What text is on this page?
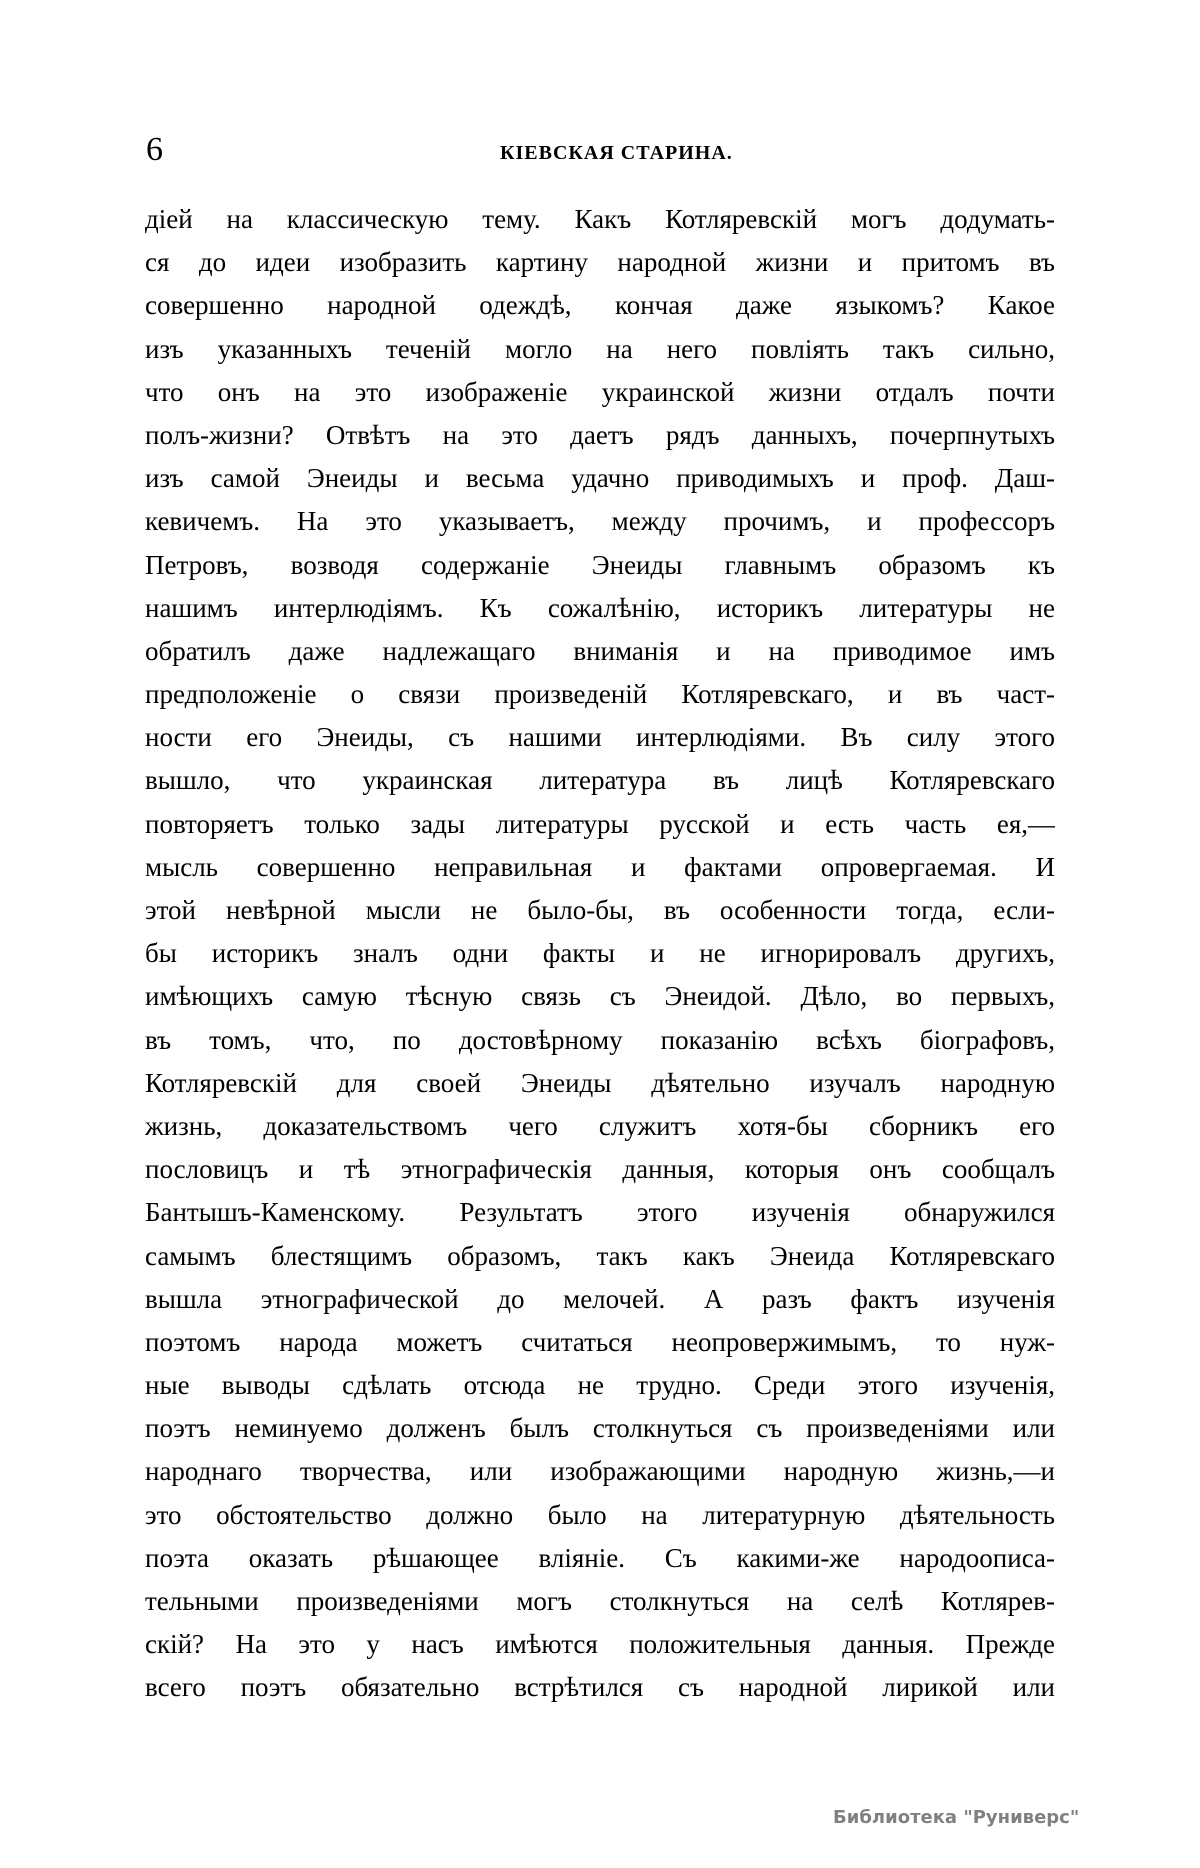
6	КІЕВСКАЯ СТАРИНА.
дiей на классическую тему. Какъ Котляревскiй могъ додумать-
ся до идеи изобразить картину народной жизни и притомъ въ
совершенно народной одеждѣ, кончая даже языкомъ? Какое
изъ указанныхъ теченiй могло на него повлiять такъ сильно,
что онъ на это изображенiе украинской жизни отдалъ почти
полъ-жизни? Отвѣтъ на это даетъ рядъ данныхъ, почерпнутыхъ
изъ самой Энеиды и весьма удачно приводимыхъ и проф. Даш-
кевичемъ. На это указываетъ, между прочимъ, и профессоръ
Петровъ, возводя содержанiе Энеиды главнымъ образомъ къ
нашимъ интерлюдiямъ. Къ сожалѣнiю, историкъ литературы не
обратилъ даже надлежащаго вниманiя и на приводимое имъ
предположенiе о связи произведенiй Котляревскаго, и въ част-
ности его Энеиды, съ нашими интерлюдiями. Въ силу этого
вышло, что украинская литература въ лицѣ Котляревскаго
повторяетъ только зады литературы русской и есть часть ея,—
мысль совершенно неправильная и фактами опровергаемая. И
этой невѣрной мысли не было-бы, въ особенности тогда, если-
бы историкъ зналъ одни факты и не игнорировалъ другихъ,
имѣющихъ самую тѣсную связь съ Энеидой. Дѣло, во первыхъ,
въ томъ, что, по достовѣрному показанiю всѣхъ бiографовъ,
Котляревскiй для своей Энеиды дѣятельно изучалъ народную
жизнь, доказательствомъ чего служитъ хотя-бы сборникъ его
пословицъ и тѣ этнографическiя данныя, которыя онъ сообщалъ
Бантышъ-Каменскому. Результатъ этого изученiя обнаружился
самымъ блестящимъ образомъ, такъ какъ Энеида Котляревскаго
вышла этнографической до мелочей. А разъ фактъ изученiя
поэтомъ народа можетъ считаться неопровержимымъ, то нуж-
ные выводы сдѣлать отсюда не трудно. Среди этого изученiя,
поэтъ неминуемо долженъ былъ столкнуться съ произведенiями или
народнаго творчества, или изображающими народную жизнь,—и
это обстоятельство должно было на литературную дѣятельность
поэта оказать рѣшающее влiянiе. Съ какими-же народоописа-
тельными произведенiями могъ столкнуться на селѣ Котлярев-
скiй? На это у насъ имѣются положительныя данныя. Прежде
всего поэтъ обязательно встрѣтился съ народной лирикой или
Библиотека "Руниверс"
